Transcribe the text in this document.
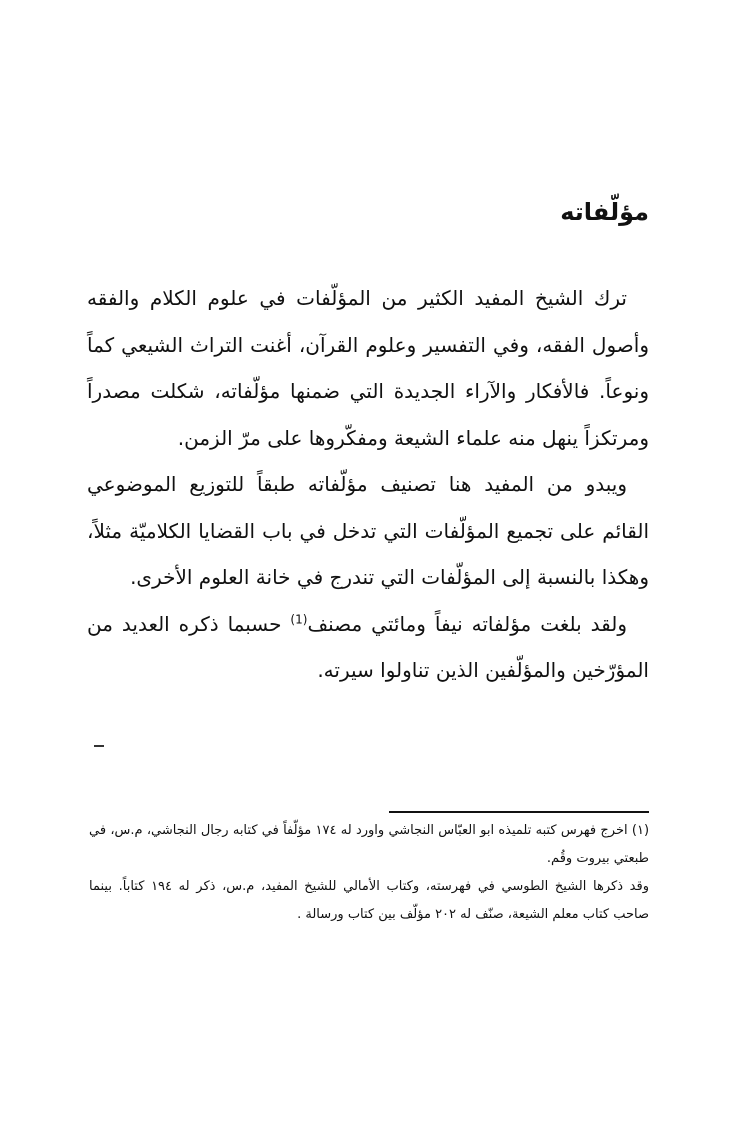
مؤلّفاته

ترك الشيخ المفيد الكثير من المؤلّفات في علوم الكلام والفقه وأصول الفقه، وفي التفسير وعلوم القرآن، أغنت التراث الشيعي كماً ونوعاً. فالأفكار والآراء الجديدة التي ضمنها مؤلّفاته، شكلت مصدراً ومرتكزاً ينهل منه علماء الشيعة ومفكّروها على مرّ الزمن.

ويبدو من المفيد هنا تصنيف مؤلّفاته طبقاً للتوزيع الموضوعي القائم على تجميع المؤلّفات التي تدخل في باب القضايا الكلاميّة مثلاً، وهكذا بالنسبة إلى المؤلّفات التي تندرج في خانة العلوم الأخرى.

ولقد بلغت مؤلفاته نيفاً ومائتي مصنف$^{(1)}$ حسبما ذكره العديد من المؤرّخين والمؤلّفين الذين تناولوا سيرته.

(١) اخرج فهرس كتبه تلميذه ابو العبّاس النجاشي واورد له ١٧٤ مؤلّفاً في كتابه رجال النجاشي، م.س، في طبعتي بيروت وقُم.

وقد ذكرها الشيخ الطوسي في فهرسته، وكتاب الأمالي للشيخ المفيد، م.س، ذكر له ١٩٤ كتاباً. بينما صاحب كتاب معلم الشيعة، صنّف له ٢٠٢ مؤلّف بين كتاب ورسالة .
